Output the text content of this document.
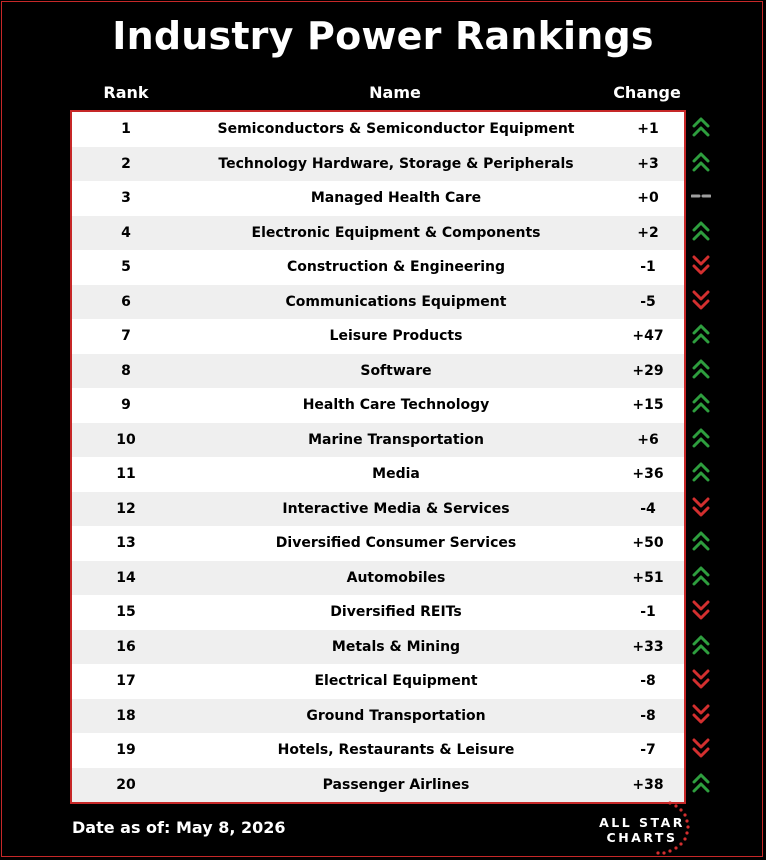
Industry Power Rankings
Rank	Name	Change
1	Semiconductors & Semiconductor Equipment	+1
2	Technology Hardware, Storage & Peripherals	+3
3	Managed Health Care	+0
4	Electronic Equipment & Components	+2
5	Construction & Engineering	-1
6	Communications Equipment	-5
7	Leisure Products	+47
8	Software	+29
9	Health Care Technology	+15
10	Marine Transportation	+6
11	Media	+36
12	Interactive Media & Services	-4
13	Diversified Consumer Services	+50
14	Automobiles	+51
15	Diversified REITs	-1
16	Metals & Mining	+33
17	Electrical Equipment	-8
18	Ground Transportation	-8
19	Hotels, Restaurants & Leisure	-7
20	Passenger Airlines	+38
Date as of: May 8, 2026	ALL STAR
CHARTS
